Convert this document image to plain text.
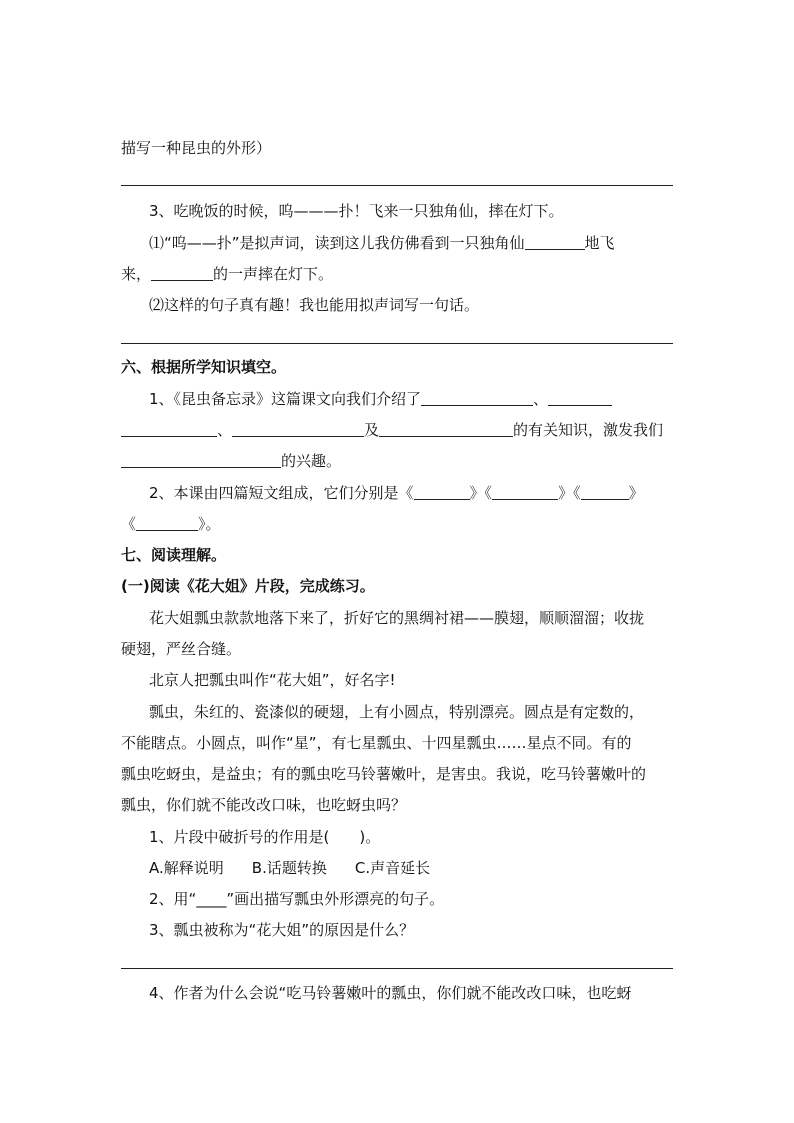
描写一种昆虫的外形）
3、吃晚饭的时候，呜———扑！飞来一只独角仙，摔在灯下。
⑴“呜——扑”是拟声词，读到这儿我仿佛看到一只独角仙	地飞
来，	的一声摔在灯下。
⑵这样的句子真有趣！我也能用拟声词写一句话。
六、根据所学知识填空。
1、《昆虫备忘录》这篇课文向我们介绍了	、
、	及	的有关知识，激发我们
的兴趣。
2、本课由四篇短文组成，它们分别是《	》《	》《	》
《	》。
七、阅读理解。
(一)阅读《花大姐》片段，完成练习。
花大姐瓢虫款款地落下来了，折好它的黑绸衬裙——膜翅，顺顺溜溜；收拢
硬翅，严丝合缝。
北京人把瓢虫叫作“花大姐”，好名字!
瓢虫，朱红的、瓷漆似的硬翅，上有小圆点，特别漂亮。圆点是有定数的，
不能瞎点。小圆点，叫作“星”，有七星瓢虫、十四星瓢虫……星点不同。有的
瓢虫吃蚜虫，是益虫；有的瓢虫吃马铃薯嫩叶，是害虫。我说，吃马铃薯嫩叶的
瓢虫，你们就不能改改口味，也吃蚜虫吗？
1、片段中破折号的作用是(　　)。
A.解释说明 B.话题转换 C.声音延长
2、用“____”画出描写瓢虫外形漂亮的句子。
3、瓢虫被称为“花大姐”的原因是什么？
4、作者为什么会说“吃马铃薯嫩叶的瓢虫，你们就不能改改口味，也吃蚜
